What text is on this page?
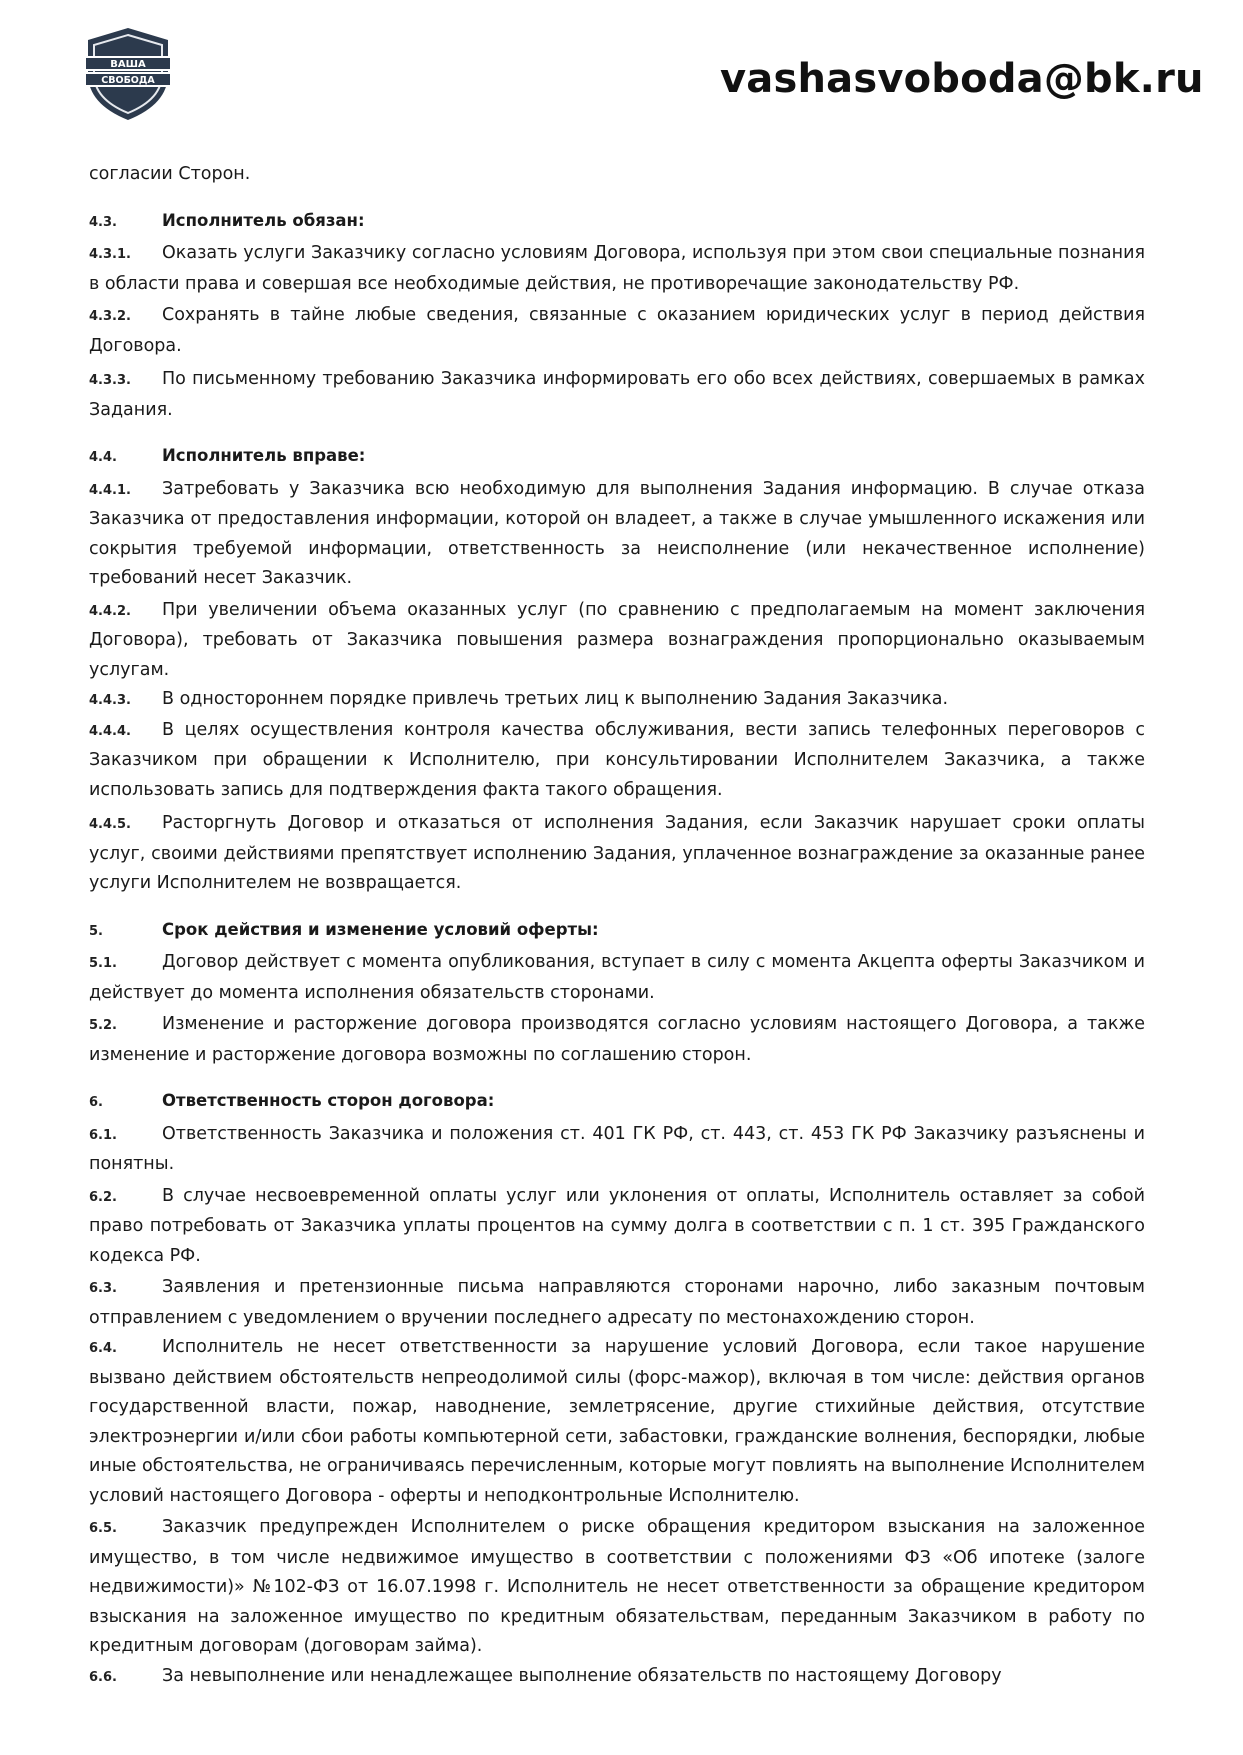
ВАША
СВОБОДА	vashasvoboda@bk.ru

согласии Сторон.

4.3.	Исполнитель обязан:

4.3.1. Оказать услуги Заказчику согласно условиям Договора, используя при этом свои специальные познания в области права и совершая все необходимые действия, не противоречащие законодательству РФ.

4.3.2. Сохранять в тайне любые сведения, связанные с оказанием юридических услуг в период действия Договора.

4.3.3. По письменному требованию Заказчика информировать его обо всех действиях, совершаемых в рамках Задания.

4.4.	Исполнитель вправе:

4.4.1. Затребовать у Заказчика всю необходимую для выполнения Задания информацию. В случае отказа Заказчика от предоставления информации, которой он владеет, а также в случае умышленного искажения или сокрытия требуемой информации, ответственность за неисполнение (или некачественное исполнение) требований несет Заказчик.

4.4.2. При увеличении объема оказанных услуг (по сравнению с предполагаемым на момент заключения Договора), требовать от Заказчика повышения размера вознаграждения пропорционально оказываемым услугам.

4.4.3. В одностороннем порядке привлечь третьих лиц к выполнению Задания Заказчика.

4.4.4. В целях осуществления контроля качества обслуживания, вести запись телефонных переговоров с Заказчиком при обращении к Исполнителю, при консультировании Исполнителем Заказчика, а также использовать запись для подтверждения факта такого обращения.

4.4.5. Расторгнуть Договор и отказаться от исполнения Задания, если Заказчик нарушает сроки оплаты услуг, своими действиями препятствует исполнению Задания, уплаченное вознаграждение за оказанные ранее услуги Исполнителем не возвращается.

5.	Срок действия и изменение условий оферты:

5.1.	Договор действует с момента опубликования, вступает в силу с момента Акцепта оферты Заказчиком и действует до момента исполнения обязательств сторонами.

5.2.	Изменение и расторжение договора производятся согласно условиям настоящего Договора, а также изменение и расторжение договора возможны по соглашению сторон.

6.	Ответственность сторон договора:

6.1.	Ответственность Заказчика и положения ст. 401 ГК РФ, ст. 443, ст. 453 ГК РФ Заказчику разъяснены и понятны.

6.2.	В случае несвоевременной оплаты услуг или уклонения от оплаты, Исполнитель оставляет за собой право потребовать от Заказчика уплаты процентов на сумму долга в соответствии с п. 1 ст. 395 Гражданского кодекса РФ.

6.3.	Заявления и претензионные письма направляются сторонами нарочно, либо заказным почтовым отправлением с уведомлением о вручении последнего адресату по местонахождению сторон.

6.4.	Исполнитель не несет ответственности за нарушение условий Договора, если такое нарушение вызвано действием обстоятельств непреодолимой силы (форс-мажор), включая в том числе: действия органов государственной власти, пожар, наводнение, землетрясение, другие стихийные действия, отсутствие электроэнергии и/или сбои работы компьютерной сети, забастовки, гражданские волнения, беспорядки, любые иные обстоятельства, не ограничиваясь перечисленным, которые могут повлиять на выполнение Исполнителем условий настоящего Договора - оферты и неподконтрольные Исполнителю.

6.5.	Заказчик предупрежден Исполнителем о риске обращения кредитором взыскания на заложенное имущество, в том числе недвижимое имущество в соответствии с положениями ФЗ «Об ипотеке (залоге недвижимости)» №102-ФЗ от 16.07.1998 г. Исполнитель не несет ответственности за обращение кредитором взыскания на заложенное имущество по кредитным обязательствам, переданным Заказчиком в работу по кредитным договорам (договорам займа).

6.6.	За невыполнение или ненадлежащее выполнение обязательств по настоящему Договору
